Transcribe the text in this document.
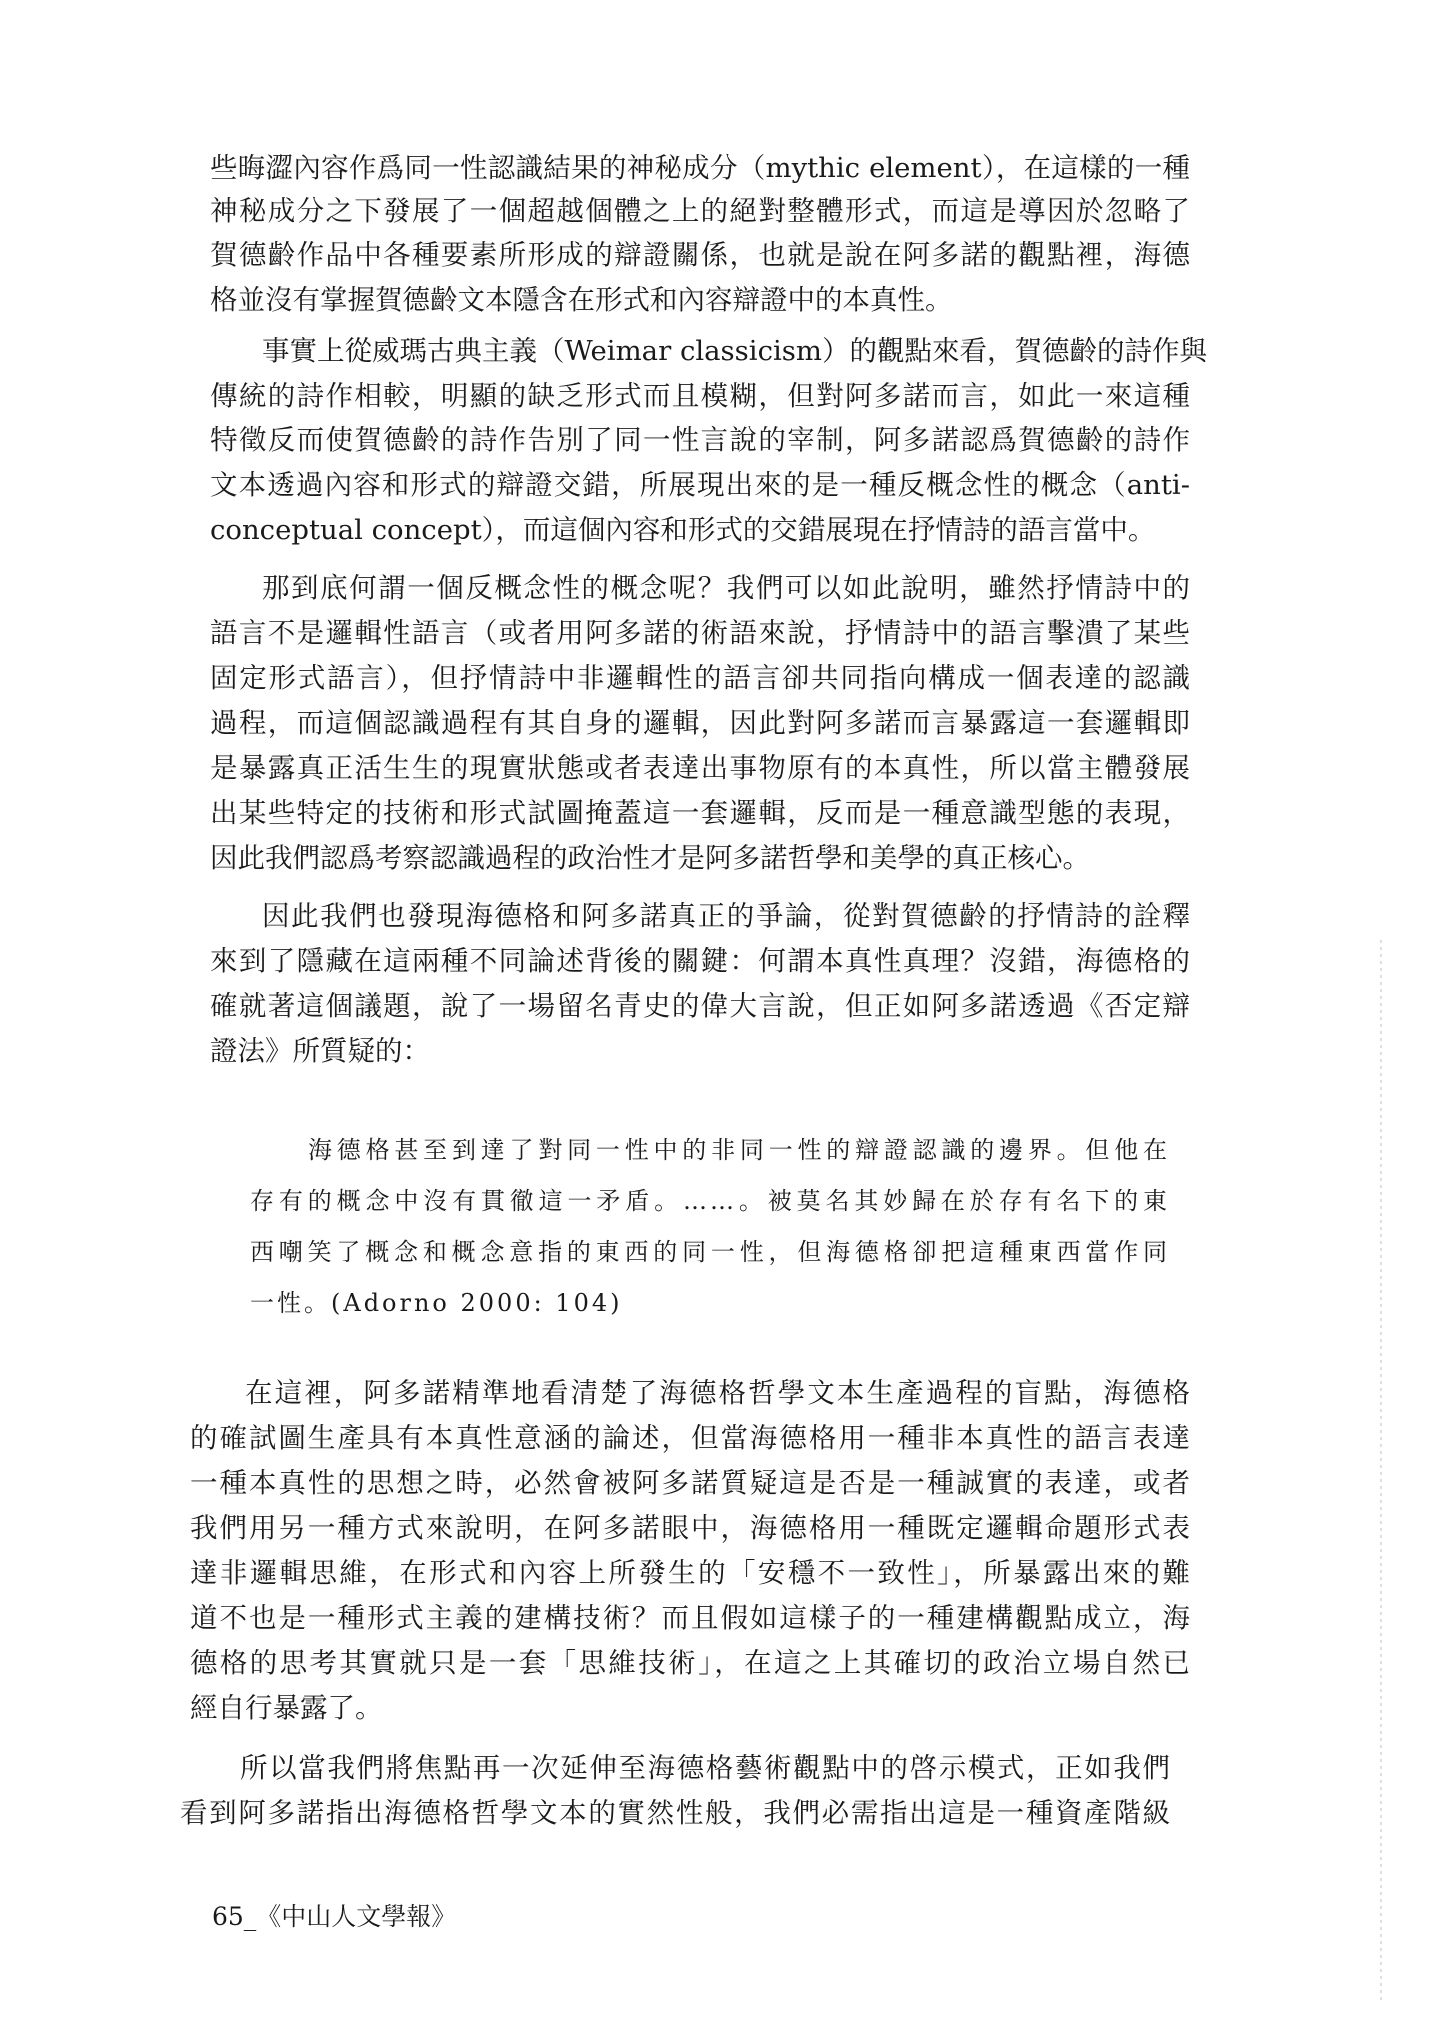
些晦澀內容作爲同一性認識結果的神秘成分（mythic element），在這樣的一種
神秘成分之下發展了一個超越個體之上的絕對整體形式，而這是導因於忽略了
賀德齡作品中各種要素所形成的辯證關係，也就是說在阿多諾的觀點裡，海德
格並沒有掌握賀德齡文本隱含在形式和內容辯證中的本真性。
事實上從威瑪古典主義（Weimar classicism）的觀點來看，賀德齡的詩作與
傳統的詩作相較，明顯的缺乏形式而且模糊，但對阿多諾而言，如此一來這種
特徵反而使賀德齡的詩作告別了同一性言說的宰制，阿多諾認爲賀德齡的詩作
文本透過內容和形式的辯證交錯，所展現出來的是一種反概念性的概念（anti-
conceptual concept），而這個內容和形式的交錯展現在抒情詩的語言當中。
那到底何謂一個反概念性的概念呢？我們可以如此說明，雖然抒情詩中的
語言不是邏輯性語言（或者用阿多諾的術語來說，抒情詩中的語言擊潰了某些
固定形式語言），但抒情詩中非邏輯性的語言卻共同指向構成一個表達的認識
過程，而這個認識過程有其自身的邏輯，因此對阿多諾而言暴露這一套邏輯即
是暴露真正活生生的現實狀態或者表達出事物原有的本真性，所以當主體發展
出某些特定的技術和形式試圖掩蓋這一套邏輯，反而是一種意識型態的表現，
因此我們認爲考察認識過程的政治性才是阿多諾哲學和美學的真正核心。
因此我們也發現海德格和阿多諾真正的爭論，從對賀德齡的抒情詩的詮釋
來到了隱藏在這兩種不同論述背後的關鍵：何謂本真性真理？沒錯，海德格的
確就著這個議題，說了一場留名青史的偉大言說，但正如阿多諾透過《否定辯
證法》所質疑的：
海德格甚至到達了對同一性中的非同一性的辯證認識的邊界。但他在
存有的概念中沒有貫徹這一矛盾。……。被莫名其妙歸在於存有名下的東
西嘲笑了概念和概念意指的東西的同一性，但海德格卻把這種東西當作同
一性。(Adorno 2000: 104)
在這裡，阿多諾精準地看清楚了海德格哲學文本生產過程的盲點，海德格
的確試圖生產具有本真性意涵的論述，但當海德格用一種非本真性的語言表達
一種本真性的思想之時，必然會被阿多諾質疑這是否是一種誠實的表達，或者
我們用另一種方式來說明，在阿多諾眼中，海德格用一種既定邏輯命題形式表
達非邏輯思維，在形式和內容上所發生的「安穩不一致性」，所暴露出來的難
道不也是一種形式主義的建構技術？而且假如這樣子的一種建構觀點成立，海
德格的思考其實就只是一套「思維技術」，在這之上其確切的政治立場自然已
經自行暴露了。
所以當我們將焦點再一次延伸至海德格藝術觀點中的啓示模式，正如我們
看到阿多諾指出海德格哲學文本的實然性般，我們必需指出這是一種資產階級
65_《中山人文學報》
